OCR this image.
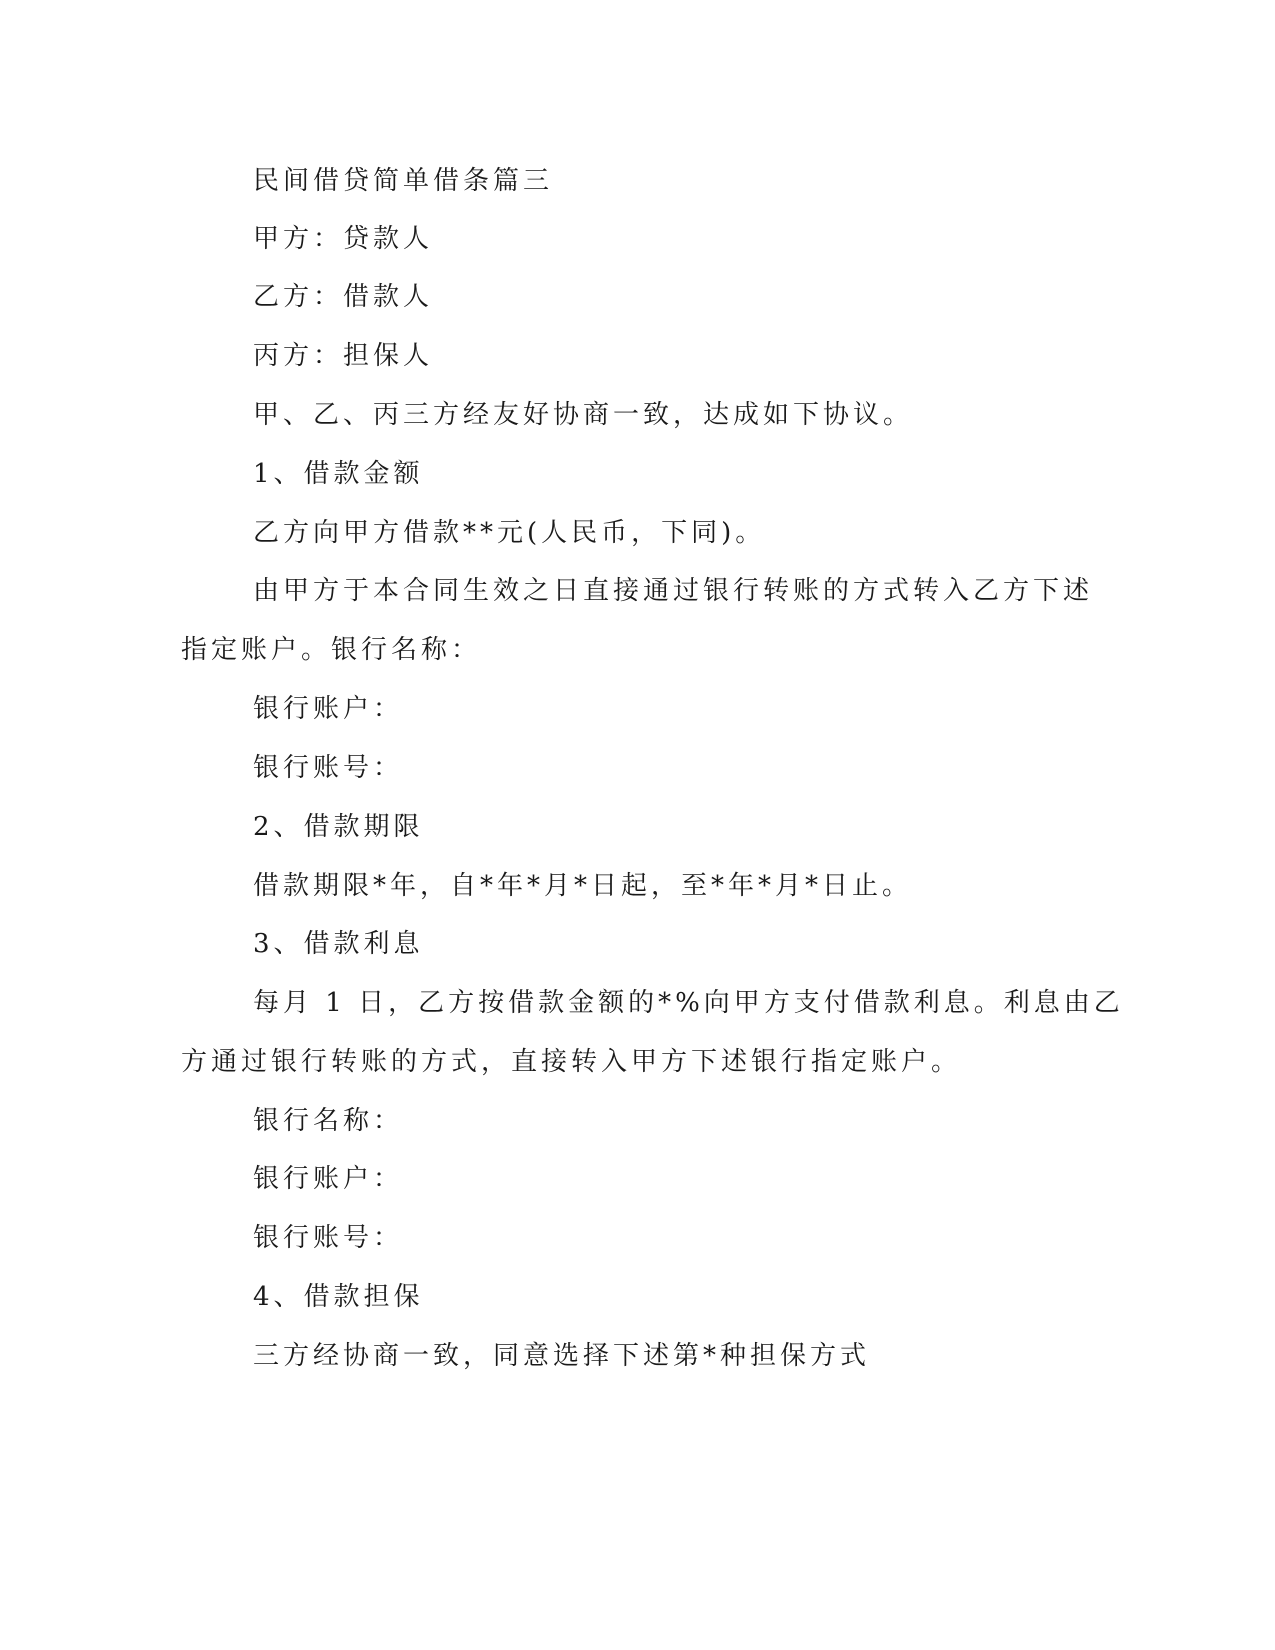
民间借贷简单借条篇三

甲方：贷款人

乙方：借款人

丙方：担保人

甲、乙、丙三方经友好协商一致，达成如下协议。

1、借款金额

乙方向甲方借款**元(人民币，下同)。

由甲方于本合同生效之日直接通过银行转账的方式转入乙方下述

指定账户。银行名称：

银行账户：

银行账号：

2、借款期限

借款期限*年，自*年*月*日起，至*年*月*日止。

3、借款利息

每月 1 日，乙方按借款金额的*%向甲方支付借款利息。利息由乙

方通过银行转账的方式，直接转入甲方下述银行指定账户。

银行名称：

银行账户：

银行账号：

4、借款担保

三方经协商一致，同意选择下述第*种担保方式
